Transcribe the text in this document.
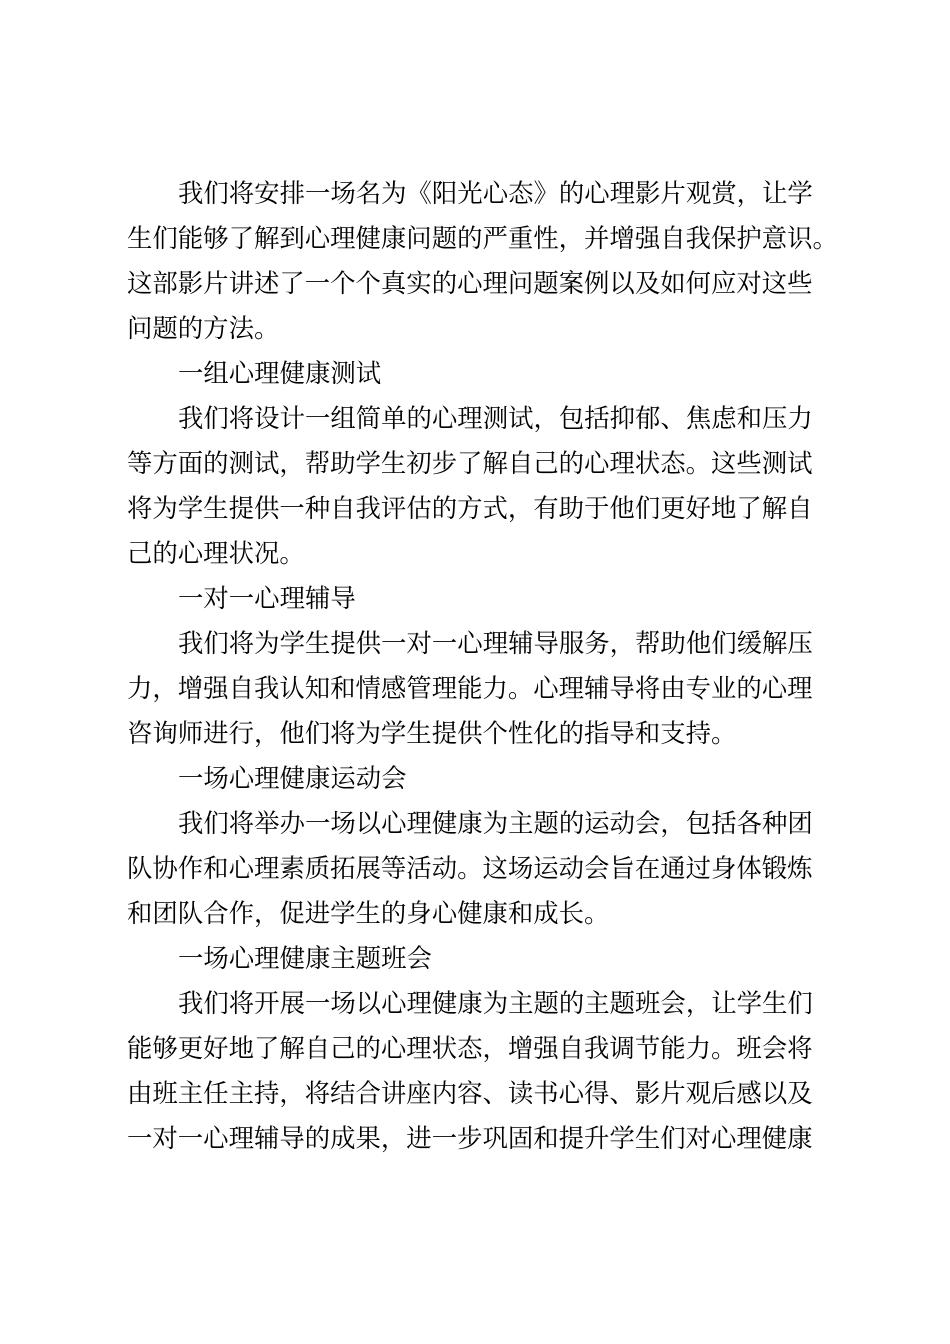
我们将安排一场名为《阳光心态》的心理影片观赏，让学
生们能够了解到心理健康问题的严重性，并增强自我保护意识。
这部影片讲述了一个个真实的心理问题案例以及如何应对这些
问题的方法。
一组心理健康测试
我们将设计一组简单的心理测试，包括抑郁、焦虑和压力
等方面的测试，帮助学生初步了解自己的心理状态。这些测试
将为学生提供一种自我评估的方式，有助于他们更好地了解自
己的心理状况。
一对一心理辅导
我们将为学生提供一对一心理辅导服务，帮助他们缓解压
力，增强自我认知和情感管理能力。心理辅导将由专业的心理
咨询师进行，他们将为学生提供个性化的指导和支持。
一场心理健康运动会
我们将举办一场以心理健康为主题的运动会，包括各种团
队协作和心理素质拓展等活动。这场运动会旨在通过身体锻炼
和团队合作，促进学生的身心健康和成长。
一场心理健康主题班会
我们将开展一场以心理健康为主题的主题班会，让学生们
能够更好地了解自己的心理状态，增强自我调节能力。班会将
由班主任主持，将结合讲座内容、读书心得、影片观后感以及
一对一心理辅导的成果，进一步巩固和提升学生们对心理健康
